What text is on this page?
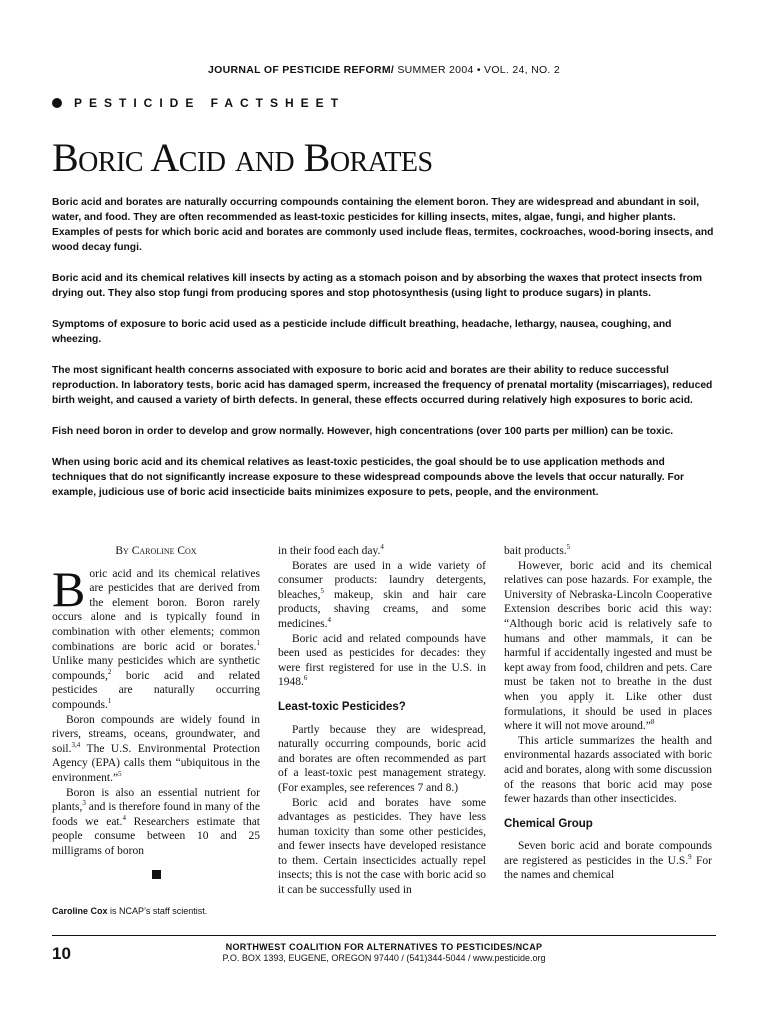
JOURNAL OF PESTICIDE REFORM/ SUMMER 2004 • VOL. 24, NO. 2
PESTICIDE FACTSHEET
Boric Acid and Borates

Boric acid and borates are naturally occurring compounds containing the element boron. They are widespread and abundant in soil, water, and food. They are often recommended as least-toxic pesticides for killing insects, mites, algae, fungi, and higher plants. Examples of pests for which boric acid and borates are commonly used include fleas, termites, cockroaches, wood-boring insects, and wood decay fungi.

Boric acid and its chemical relatives kill insects by acting as a stomach poison and by absorbing the waxes that protect insects from drying out. They also stop fungi from producing spores and stop photosynthesis (using light to produce sugars) in plants.

Symptoms of exposure to boric acid used as a pesticide include difficult breathing, headache, lethargy, nausea, coughing, and wheezing.

The most significant health concerns associated with exposure to boric acid and borates are their ability to reduce successful reproduction. In laboratory tests, boric acid has damaged sperm, increased the frequency of prenatal mortality (miscarriages), reduced birth weight, and caused a variety of birth defects. In general, these effects occurred during relatively high exposures to boric acid.

Fish need boron in order to develop and grow normally. However, high concentrations (over 100 parts per million) can be toxic.

When using boric acid and its chemical relatives as least-toxic pesticides, the goal should be to use application methods and techniques that do not significantly increase exposure to these widespread compounds above the levels that occur naturally. For example, judicious use of boric acid insecticide baits minimizes exposure to pets, people, and the environment.

By Caroline Cox

Boric acid and its chemical relatives are pesticides that are derived from the element boron. Boron rarely occurs alone and is typically found in combination with other elements; common combinations are boric acid or borates.$^1$ Unlike many pesticides which are synthetic compounds,$^2$ boric acid and related pesticides are naturally occurring compounds.$^1$

Boron compounds are widely found in rivers, streams, oceans, groundwater, and soil.$^{3,4}$ The U.S. Environmental Protection Agency (EPA) calls them “ubiquitous in the environment.”$^5$

Boron is also an essential nutrient for plants,$^3$ and is therefore found in many of the foods we eat.$^4$ Researchers estimate that people consume between 10 and 25 milligrams of boron

in their food each day.$^4$

Borates are used in a wide variety of consumer products: laundry detergents, bleaches,$^5$ makeup, skin and hair care products, shaving creams, and some medicines.$^4$

Boric acid and related compounds have been used as pesticides for decades: they were first registered for use in the U.S. in 1948.$^6$

Least-toxic Pesticides?

Partly because they are widespread, naturally occurring compounds, boric acid and borates are often recommended as part of a least-toxic pest management strategy. (For examples, see references 7 and 8.)

Boric acid and borates have some advantages as pesticides. They have less human toxicity than some other pesticides, and fewer insects have developed resistance to them. Certain insecticides actually repel insects; this is not the case with boric acid so it can be successfully used in

bait products.$^5$

However, boric acid and its chemical relatives can pose hazards. For example, the University of Nebraska-Lincoln Cooperative Extension describes boric acid this way: “Although boric acid is relatively safe to humans and other mammals, it can be harmful if accidentally ingested and must be kept away from food, children and pets. Care must be taken not to breathe in the dust when you apply it. Like other dust formulations, it should be used in places where it will not move around.”$^8$

This article summarizes the health and environmental hazards associated with boric acid and borates, along with some discussion of the reasons that boric acid may pose fewer hazards than other insecticides.

Chemical Group

Seven boric acid and borate compounds are registered as pesticides in the U.S.$^9$ For the names and chemical

Caroline Cox is NCAP’s staff scientist.
10	NORTHWEST COALITION FOR ALTERNATIVES TO PESTICIDES/NCAP
P.O. BOX 1393, EUGENE, OREGON 97440 / (541)344-5044 / www.pesticide.org
